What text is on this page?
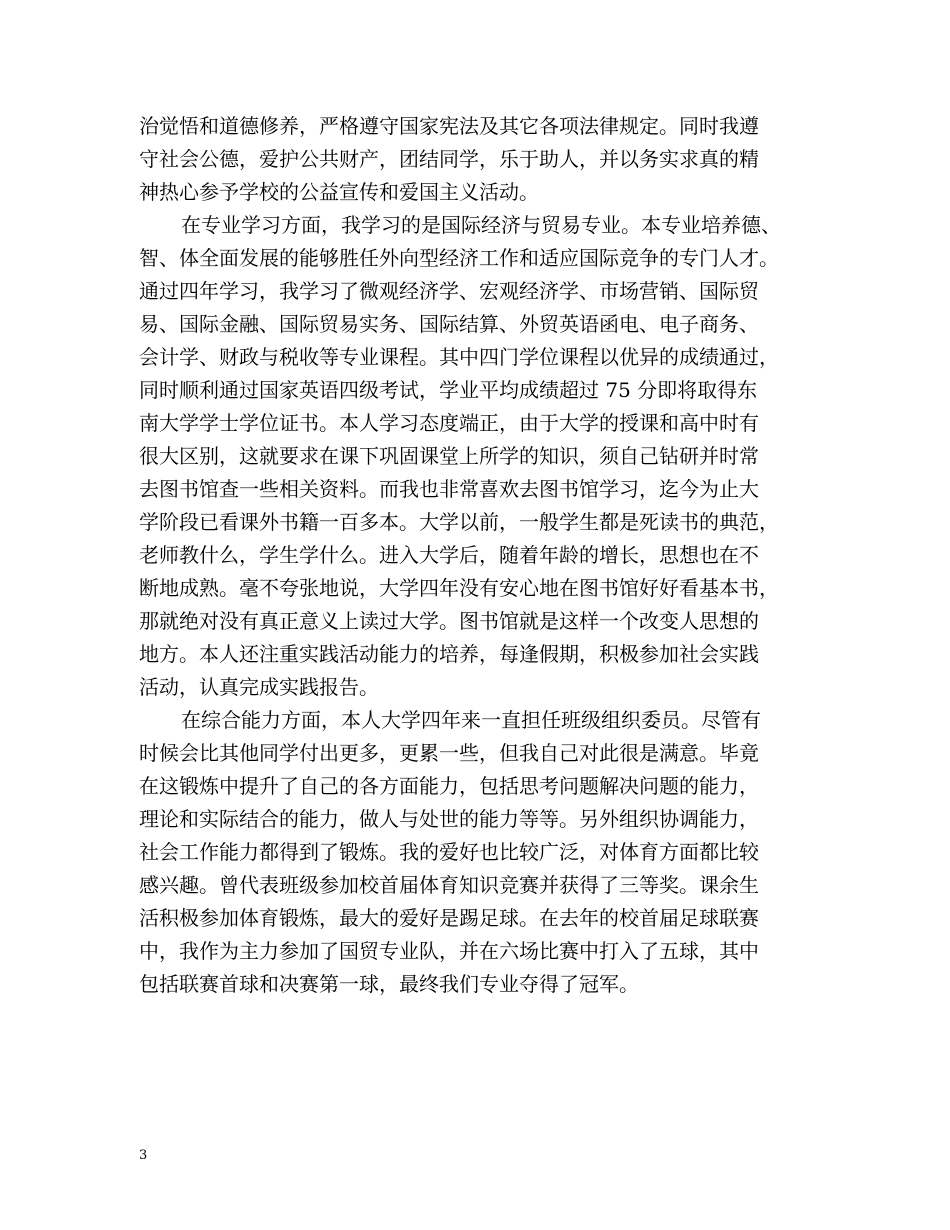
治觉悟和道德修养，严格遵守国家宪法及其它各项法律规定。同时我遵
守社会公德，爱护公共财产，团结同学，乐于助人，并以务实求真的精
神热心参予学校的公益宣传和爱国主义活动。
在专业学习方面，我学习的是国际经济与贸易专业。本专业培养德、
智、体全面发展的能够胜任外向型经济工作和适应国际竞争的专门人才。
通过四年学习，我学习了微观经济学、宏观经济学、市场营销、国际贸
易、国际金融、国际贸易实务、国际结算、外贸英语函电、电子商务、
会计学、财政与税收等专业课程。其中四门学位课程以优异的成绩通过，
同时顺利通过国家英语四级考试，学业平均成绩超过 75 分即将取得东
南大学学士学位证书。本人学习态度端正，由于大学的授课和高中时有
很大区别，这就要求在课下巩固课堂上所学的知识，须自己钻研并时常
去图书馆查一些相关资料。而我也非常喜欢去图书馆学习，迄今为止大
学阶段已看课外书籍一百多本。大学以前，一般学生都是死读书的典范，
老师教什么，学生学什么。进入大学后，随着年龄的增长，思想也在不
断地成熟。毫不夸张地说，大学四年没有安心地在图书馆好好看基本书，
那就绝对没有真正意义上读过大学。图书馆就是这样一个改变人思想的
地方。本人还注重实践活动能力的培养，每逢假期，积极参加社会实践
活动，认真完成实践报告。
在综合能力方面，本人大学四年来一直担任班级组织委员。尽管有
时候会比其他同学付出更多，更累一些，但我自己对此很是满意。毕竟
在这锻炼中提升了自己的各方面能力，包括思考问题解决问题的能力，
理论和实际结合的能力，做人与处世的能力等等。另外组织协调能力，
社会工作能力都得到了锻炼。我的爱好也比较广泛，对体育方面都比较
感兴趣。曾代表班级参加校首届体育知识竞赛并获得了三等奖。课余生
活积极参加体育锻炼，最大的爱好是踢足球。在去年的校首届足球联赛
中，我作为主力参加了国贸专业队，并在六场比赛中打入了五球，其中
包括联赛首球和决赛第一球，最终我们专业夺得了冠军。
3
